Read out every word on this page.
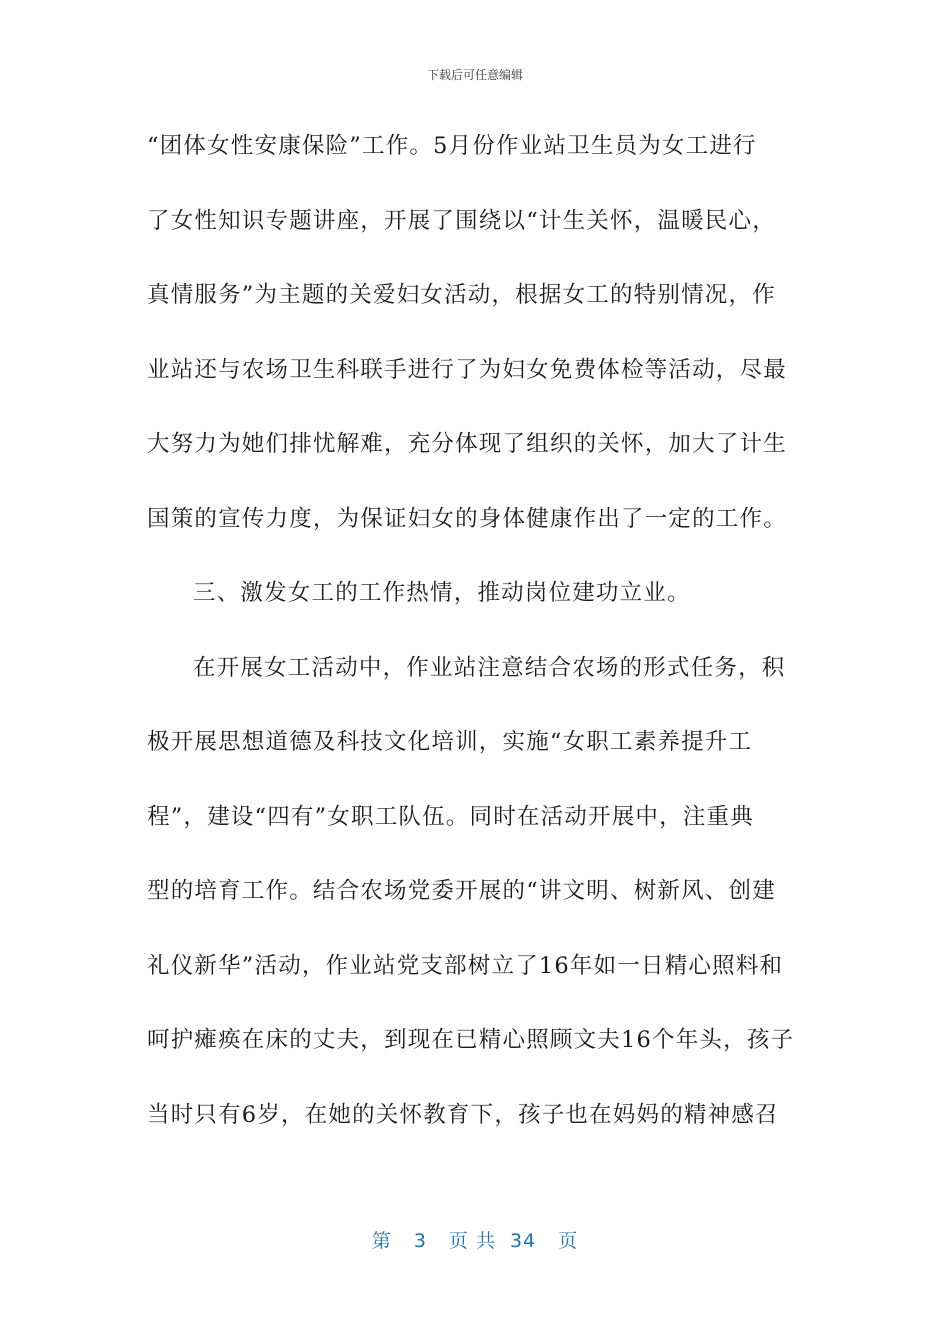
下载后可任意编辑
“团体女性安康保险”工作。5月份作业站卫生员为女工进行
了女性知识专题讲座，开展了围绕以“计生关怀，温暖民心，
真情服务”为主题的关爱妇女活动，根据女工的特别情况，作
业站还与农场卫生科联手进行了为妇女免费体检等活动，尽最
大努力为她们排忧解难，充分体现了组织的关怀，加大了计生
国策的宣传力度，为保证妇女的身体健康作出了一定的工作。
三、激发女工的工作热情，推动岗位建功立业。
在开展女工活动中，作业站注意结合农场的形式任务，积
极开展思想道德及科技文化培训，实施“女职工素养提升工
程”，建设“四有”女职工队伍。同时在活动开展中，注重典
型的培育工作。结合农场党委开展的“讲文明、树新风、创建
礼仪新华”活动，作业站党支部树立了16年如一日精心照料和
呵护瘫痪在床的丈夫，到现在已精心照顾文夫16个年头，孩子
当时只有6岁，在她的关怀教育下，孩子也在妈妈的精神感召
第 3 页 共 34 页
